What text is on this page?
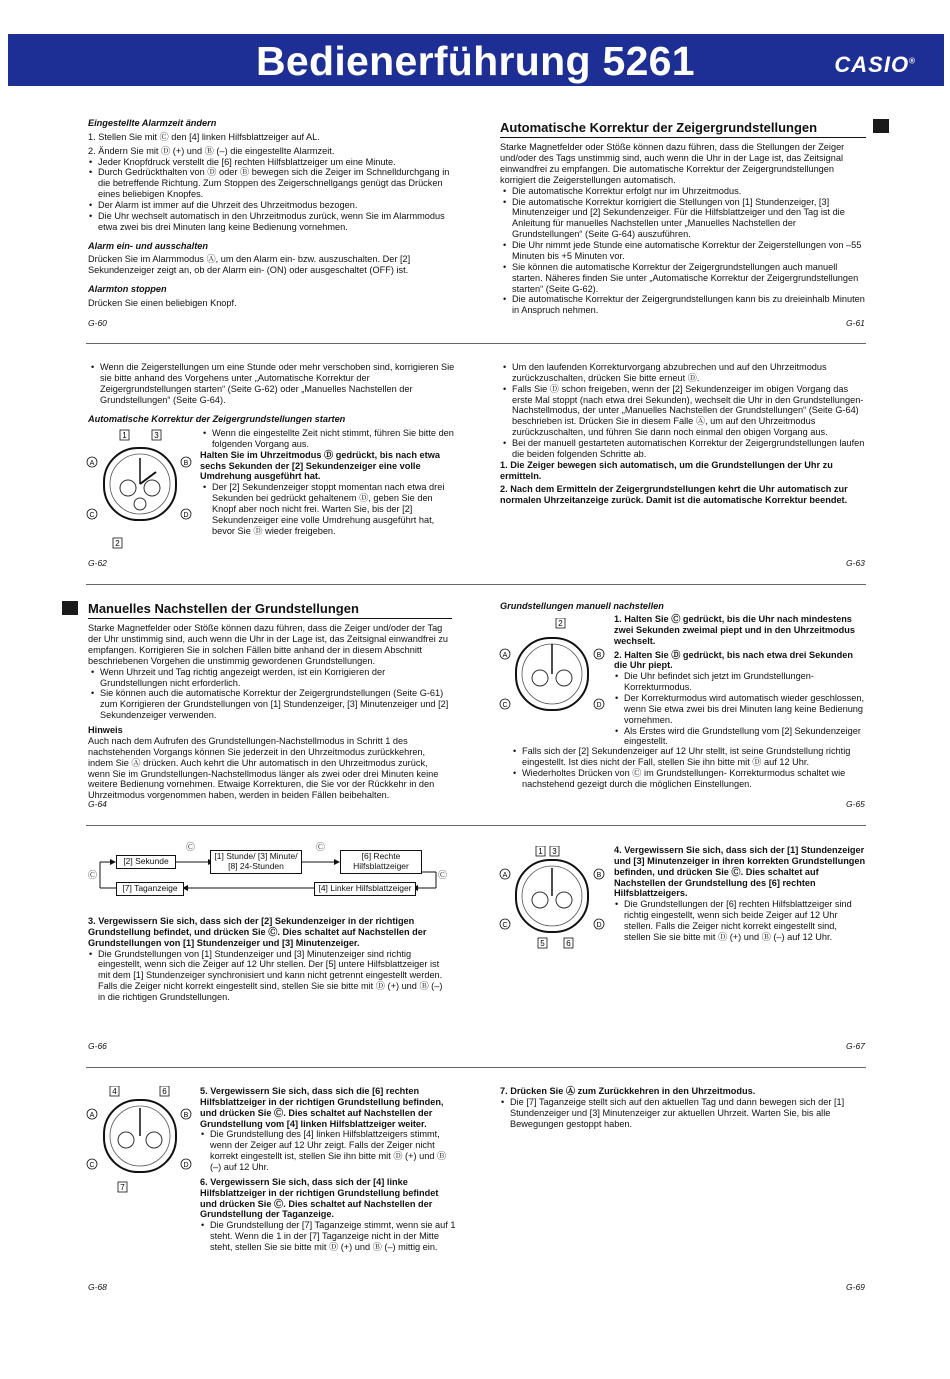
Bedienerführung 5261	CASIO®

Eingestellte Alarmzeit ändern

1. Stellen Sie mit Ⓒ den [4] linken Hilfsblattzeiger auf AL.

2. Ändern Sie mit Ⓓ (+) und Ⓑ (–) die eingestellte Alarmzeit.

• Jeder Knopfdruck verstellt die [6] rechten Hilfsblattzeiger um eine Minute.
• Durch Gedrückthalten von Ⓓ oder Ⓑ bewegen sich die Zeiger im Schnelldurchgang in die betreffende Richtung. Zum Stoppen des Zeigerschnellgangs genügt das Drücken eines beliebigen Knopfes.
• Der Alarm ist immer auf die Uhrzeit des Uhrzeitmodus bezogen.
• Die Uhr wechselt automatisch in den Uhrzeitmodus zurück, wenn Sie im Alarmmodus etwa zwei bis drei Minuten lang keine Bedienung vornehmen.

Alarm ein- und ausschalten

Drücken Sie im Alarmmodus Ⓐ, um den Alarm ein- bzw. auszuschalten. Der [2] Sekundenzeiger zeigt an, ob der Alarm ein- (ON) oder ausgeschaltet (OFF) ist.

Alarmton stoppen

Drücken Sie einen beliebigen Knopf.

G-60
Automatische Korrektur der Zeigergrundstellungen

Starke Magnetfelder oder Stöße können dazu führen, dass die Stellungen der Zeiger und/oder des Tags unstimmig sind, auch wenn die Uhr in der Lage ist, das Zeitsignal einwandfrei zu empfangen. Die automatische Korrektur der Zeigergrundstellungen korrigiert die Zeigerstellungen automatisch.

• Die automatische Korrektur erfolgt nur im Uhrzeitmodus.
• Die automatische Korrektur korrigiert die Stellungen von [1] Stundenzeiger, [3] Minutenzeiger und [2] Sekundenzeiger. Für die Hilfsblattzeiger und den Tag ist die Anleitung für manuelles Nachstellen unter „Manuelles Nachstellen der Grundstellungen“ (Seite G-64) auszuführen.
• Die Uhr nimmt jede Stunde eine automatische Korrektur der Zeigerstellungen von –55 Minuten bis +5 Minuten vor.
• Sie können die automatische Korrektur der Zeigergrundstellungen auch manuell starten. Näheres finden Sie unter „Automatische Korrektur der Zeigergrundstellungen starten“ (Seite G-62).
• Die automatische Korrektur der Zeigergrundstellungen kann bis zu dreieinhalb Minuten in Anspruch nehmen.
G-61
• Wenn die Zeigerstellungen um eine Stunde oder mehr verschoben sind, korrigieren Sie sie bitte anhand des Vorgehens unter „Automatische Korrektur der Zeigergrundstellungen starten“ (Seite G-62) oder „Manuelles Nachstellen der Grundstellungen“ (Seite G-64).

Automatische Korrektur der Zeigergrundstellungen starten

1	3
2
A	B
C	D
• Wenn die eingestellte Zeit nicht stimmt, führen Sie bitte den folgenden Vorgang aus.

Halten Sie im Uhrzeitmodus Ⓓ gedrückt, bis nach etwa sechs Sekunden der [2] Sekundenzeiger eine volle Umdrehung ausgeführt hat.

• Der [2] Sekundenzeiger stoppt momentan nach etwa drei Sekunden bei gedrückt gehaltenem Ⓓ, geben Sie den Knopf aber noch nicht frei. Warten Sie, bis der [2] Sekundenzeiger eine volle Umdrehung ausgeführt hat, bevor Sie Ⓓ wieder freigeben.
G-62
• Um den laufenden Korrekturvorgang abzubrechen und auf den Uhrzeitmodus zurückzuschalten, drücken Sie bitte erneut Ⓓ.
• Falls Sie Ⓓ schon freigeben, wenn der [2] Sekundenzeiger im obigen Vorgang das erste Mal stoppt (nach etwa drei Sekunden), wechselt die Uhr in den Grundstellungen-Nachstellmodus, der unter „Manuelles Nachstellen der Grundstellungen“ (Seite G-64) beschrieben ist. Drücken Sie in diesem Falle Ⓐ, um auf den Uhrzeitmodus zurückzuschalten, und führen Sie dann noch einmal den obigen Vorgang aus.
• Bei der manuell gestarteten automatischen Korrektur der Zeigergrundstellungen laufen die beiden folgenden Schritte ab.

1. Die Zeiger bewegen sich automatisch, um die Grundstellungen der Uhr zu ermitteln.

2. Nach dem Ermitteln der Zeigergrundstellungen kehrt die Uhr automatisch zur normalen Uhrzeitanzeige zurück. Damit ist die automatische Korrektur beendet.

G-63
Manuelles Nachstellen der Grundstellungen

Starke Magnetfelder oder Stöße können dazu führen, dass die Zeiger und/oder der Tag der Uhr unstimmig sind, auch wenn die Uhr in der Lage ist, das Zeitsignal einwandfrei zu empfangen. Korrigieren Sie in solchen Fällen bitte anhand der in diesem Abschnitt beschriebenen Vorgehen die unstimmig gewordenen Grundstellungen.

• Wenn Uhrzeit und Tag richtig angezeigt werden, ist ein Korrigieren der Grundstellungen nicht erforderlich.
• Sie können auch die automatische Korrektur der Zeigergrundstellungen (Seite G-61) zum Korrigieren der Grundstellungen von [1] Stundenzeiger, [3] Minutenzeiger und [2] Sekundenzeiger verwenden.

Hinweis

Auch nach dem Aufrufen des Grundstellungen-Nachstellmodus in Schritt 1 des nachstehenden Vorgangs können Sie jederzeit in den Uhrzeitmodus zurückkehren, indem Sie Ⓐ drücken. Auch kehrt die Uhr automatisch in den Uhrzeitmodus zurück, wenn Sie im Grundstellungen-Nachstellmodus länger als zwei oder drei Minuten keine weitere Bedienung vornehmen. Etwaige Korrekturen, die Sie vor der Rückkehr in den Uhrzeitmodus vorgenommen haben, werden in beiden Fällen beibehalten.

G-64

Grundstellungen manuell nachstellen

2
A	B
C	D

1. Halten Sie Ⓒ gedrückt, bis die Uhr nach mindestens zwei Sekunden zweimal piept und in den Uhrzeitmodus wechselt.

2. Halten Sie Ⓓ gedrückt, bis nach etwa drei Sekunden die Uhr piept.

• Die Uhr befindet sich jetzt im Grundstellungen-Korrekturmodus.
• Der Korrekturmodus wird automatisch wieder geschlossen, wenn Sie etwa zwei bis drei Minuten lang keine Bedienung vornehmen.
• Als Erstes wird die Grundstellung vom [2] Sekundenzeiger eingestellt.
• Falls sich der [2] Sekundenzeiger auf 12 Uhr stellt, ist seine Grundstellung richtig eingestellt. Ist dies nicht der Fall, stellen Sie ihn bitte mit Ⓓ auf 12 Uhr.
• Wiederholtes Drücken von Ⓒ im Grundstellungen- Korrekturmodus schaltet wie nachstehend gezeigt durch die möglichen Einstellungen.
G-65
[2] Sekunde	[1] Stunde/ [3] Minute/ [8] 24-Stunden
[6] Rechte Hilfsblattzeiger
[7] Taganzeige	[4] Linker Hilfsblattzeiger
Ⓒ	Ⓒ
Ⓒ
Ⓒ

3. Vergewissern Sie sich, dass sich der [2] Sekundenzeiger in der richtigen Grundstellung befindet, und drücken Sie Ⓒ. Dies schaltet auf Nachstellen der Grundstellungen von [1] Stundenzeiger und [3] Minutenzeiger.

• Die Grundstellungen von [1] Stundenzeiger und [3] Minutenzeiger sind richtig eingestellt, wenn sich die Zeiger auf 12 Uhr stellen. Der [5] untere Hilfsblattzeiger ist mit dem [1] Stundenzeiger synchronisiert und kann nicht getrennt eingestellt werden. Falls die Zeiger nicht korrekt eingestellt sind, stellen Sie sie bitte mit Ⓓ (+) und Ⓑ (–) in die richtigen Grundstellungen.
G-66
1 3
5	6
A	B
C	D

4. Vergewissern Sie sich, dass sich der [1] Stundenzeiger und [3] Minutenzeiger in ihren korrekten Grundstellungen befinden, und drücken Sie Ⓒ. Dies schaltet auf Nachstellen der Grundstellung des [6] rechten Hilfsblattzeigers.

• Die Grundstellungen der [6] rechten Hilfsblattzeiger sind richtig eingestellt, wenn sich beide Zeiger auf 12 Uhr stellen. Falls die Zeiger nicht korrekt eingestellt sind, stellen Sie sie bitte mit Ⓓ (+) und Ⓑ (–) auf 12 Uhr.
G-67
4	6
7
A	B
C	D

5. Vergewissern Sie sich, dass sich die [6] rechten Hilfsblattzeiger in der richtigen Grundstellung befinden, und drücken Sie Ⓒ. Dies schaltet auf Nachstellen der Grundstellung vom [4] linken Hilfsblattzeiger weiter.

• Die Grundstellung des [4] linken Hilfsblattzeigers stimmt, wenn der Zeiger auf 12 Uhr zeigt. Falls der Zeiger nicht korrekt eingestellt ist, stellen Sie ihn bitte mit Ⓓ (+) und Ⓑ (–) auf 12 Uhr.

6. Vergewissern Sie sich, dass sich der [4] linke Hilfsblattzeiger in der richtigen Grundstellung befindet und drücken Sie Ⓒ. Dies schaltet auf Nachstellen der Grundstellung der Taganzeige.

• Die Grundstellung der [7] Taganzeige stimmt, wenn sie auf 1 steht. Wenn die 1 in der [7] Taganzeige nicht in der Mitte steht, stellen Sie sie bitte mit Ⓓ (+) und Ⓑ (–) mittig ein.
G-68

7. Drücken Sie Ⓐ zum Zurückkehren in den Uhrzeitmodus.

• Die [7] Taganzeige stellt sich auf den aktuellen Tag und dann bewegen sich der [1] Stundenzeiger und [3] Minutenzeiger zur aktuellen Uhrzeit. Warten Sie, bis alle Bewegungen gestoppt haben.
G-69
